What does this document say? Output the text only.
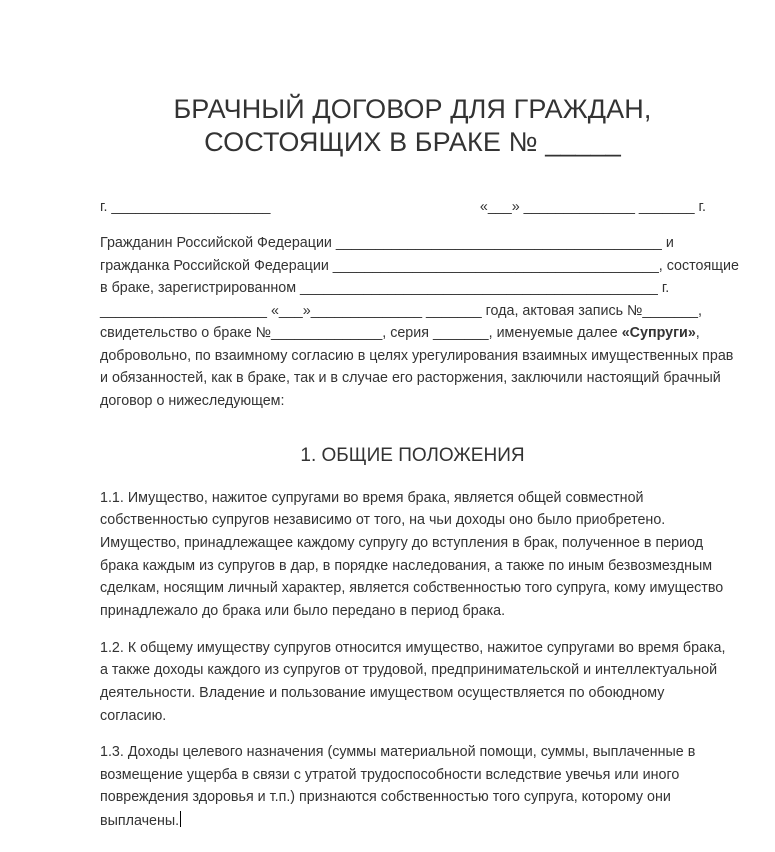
БРАЧНЫЙ ДОГОВОР ДЛЯ ГРАЖДАН,
СОСТОЯЩИХ В БРАКЕ № _____
г. ____________________	«___» ______________ _______ г.
Гражданин Российской Федерации _________________________________________ и
гражданка Российской Федерации _________________________________________, состоящие
в браке, зарегистрированном _____________________________________________ г.
_____________________ «___»______________ _______ года, актовая запись №_______,
свидетельство о браке №______________, серия _______, именуемые далее «Супруги»,
добровольно, по взаимному согласию в целях урегулирования взаимных имущественных прав
и обязанностей, как в браке, так и в случае его расторжения, заключили настоящий брачный
договор о нижеследующем:
1. ОБЩИЕ ПОЛОЖЕНИЯ
1.1. Имущество, нажитое супругами во время брака, является общей совместной
собственностью супругов независимо от того, на чьи доходы оно было приобретено.
Имущество, принадлежащее каждому супругу до вступления в брак, полученное в период
брака каждым из супругов в дар, в порядке наследования, а также по иным безвозмездным
сделкам, носящим личный характер, является собственностью того супруга, кому имущество
принадлежало до брака или было передано в период брака.
1.2. К общему имуществу супругов относится имущество, нажитое супругами во время брака,
а также доходы каждого из супругов от трудовой, предпринимательской и интеллектуальной
деятельности. Владение и пользование имуществом осуществляется по обоюдному
согласию.
1.3. Доходы целевого назначения (суммы материальной помощи, суммы, выплаченные в
возмещение ущерба в связи с утратой трудоспособности вследствие увечья или иного
повреждения здоровья и т.п.) признаются собственностью того супруга, которому они
выплачены.
